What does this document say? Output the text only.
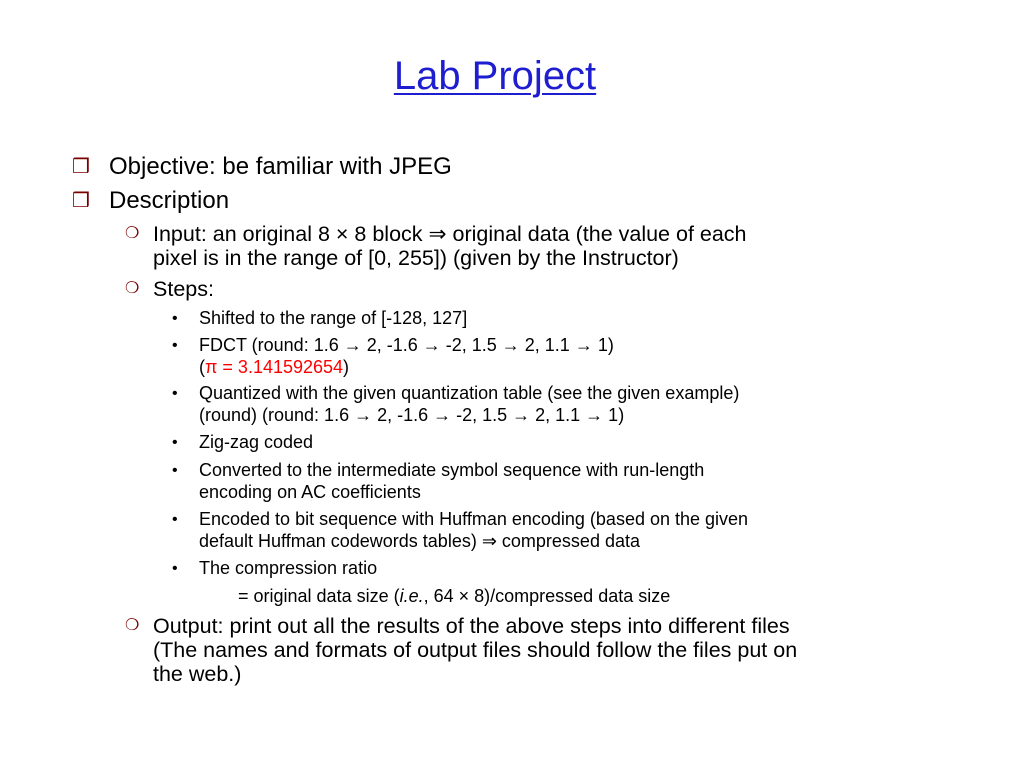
Lab Project
❒ Objective: be familiar with JPEG
❒ Description
❍ Input: an original 8 × 8 block ⇒ original data (the value of each
pixel is in the range of [0, 255]) (given by the Instructor)
❍ Steps:
• Shifted to the range of [-128, 127]
• FDCT (round: 1.6 → 2, -1.6 → -2, 1.5 → 2, 1.1 → 1)
(π = 3.141592654)
• Quantized with the given quantization table (see the given example)
(round) (round: 1.6 → 2, -1.6 → -2, 1.5 → 2, 1.1 → 1)
• Zig-zag coded
• Converted to the intermediate symbol sequence with run-length
encoding on AC coefficients
• Encoded to bit sequence with Huffman encoding (based on the given
default Huffman codewords tables) ⇒ compressed data
• The compression ratio
= original data size (i.e., 64 × 8)/compressed data size
❍ Output: print out all the results of the above steps into different files
(The names and formats of output files should follow the files put on
the web.)
